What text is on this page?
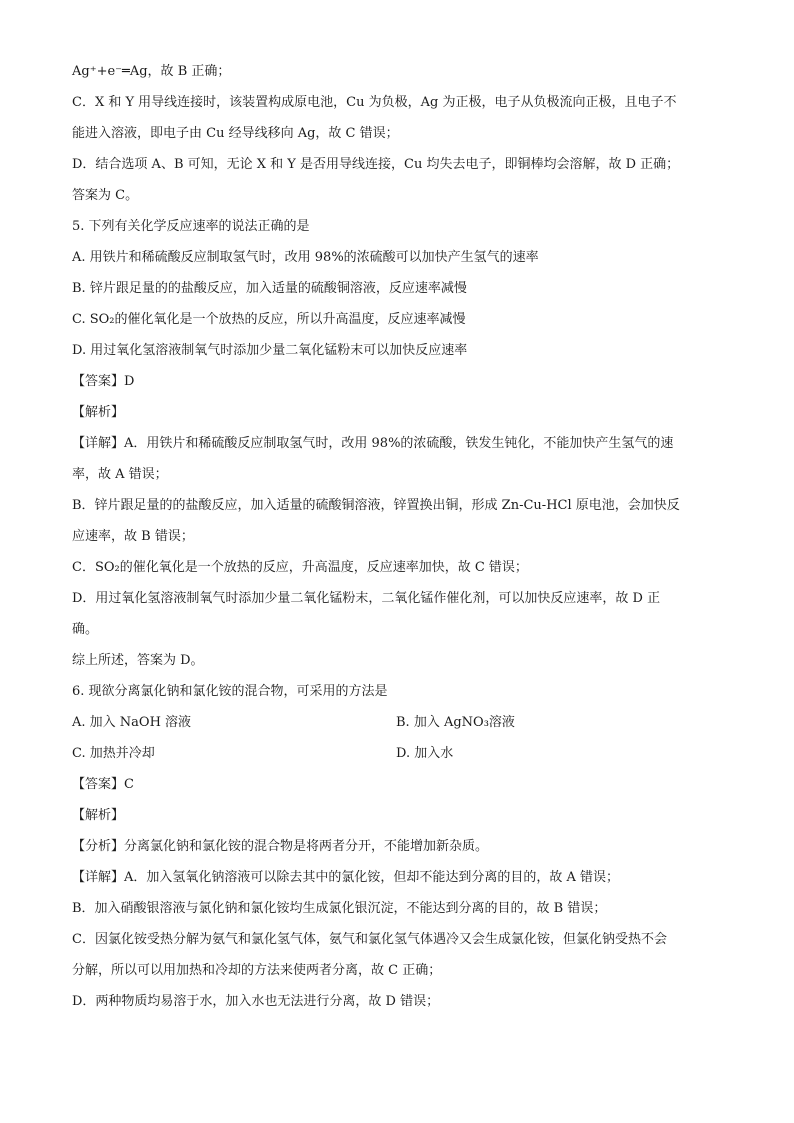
Ag⁺+e⁻═Ag，故 B 正确；
C．X 和 Y 用导线连接时，该装置构成原电池，Cu 为负极，Ag 为正极，电子从负极流向正极，且电子不
能进入溶液，即电子由 Cu 经导线移向 Ag，故 C 错误；
D．结合选项 A、B 可知，无论 X 和 Y 是否用导线连接，Cu 均失去电子，即铜棒均会溶解，故 D 正确；
答案为 C。
5. 下列有关化学反应速率的说法正确的是
A. 用铁片和稀硫酸反应制取氢气时，改用 98%的浓硫酸可以加快产生氢气的速率
B. 锌片跟足量的的盐酸反应，加入适量的硫酸铜溶液，反应速率减慢
C. SO₂的催化氧化是一个放热的反应，所以升高温度，反应速率减慢
D. 用过氧化氢溶液制氧气时添加少量二氧化锰粉末可以加快反应速率
【答案】D
【解析】
【详解】A．用铁片和稀硫酸反应制取氢气时，改用 98%的浓硫酸，铁发生钝化，不能加快产生氢气的速
率，故 A 错误；
B．锌片跟足量的的盐酸反应，加入适量的硫酸铜溶液，锌置换出铜，形成 Zn-Cu-HCl 原电池，会加快反
应速率，故 B 错误；
C．SO₂的催化氧化是一个放热的反应，升高温度，反应速率加快，故 C 错误；
D．用过氧化氢溶液制氧气时添加少量二氧化锰粉末，二氧化锰作催化剂，可以加快反应速率，故 D 正
确。
综上所述，答案为 D。
6. 现欲分离氯化钠和氯化铵的混合物，可采用的方法是
A. 加入 NaOH 溶液	B. 加入 AgNO₃溶液
C. 加热并冷却	D. 加入水
【答案】C
【解析】
【分析】分离氯化钠和氯化铵的混合物是将两者分开，不能增加新杂质。
【详解】A．加入氢氧化钠溶液可以除去其中的氯化铵，但却不能达到分离的目的，故 A 错误；
B．加入硝酸银溶液与氯化钠和氯化铵均生成氯化银沉淀，不能达到分离的目的，故 B 错误；
C．因氯化铵受热分解为氨气和氯化氢气体，氨气和氯化氢气体遇冷又会生成氯化铵，但氯化钠受热不会
分解，所以可以用加热和冷却的方法来使两者分离，故 C 正确；
D．两种物质均易溶于水，加入水也无法进行分离，故 D 错误；
